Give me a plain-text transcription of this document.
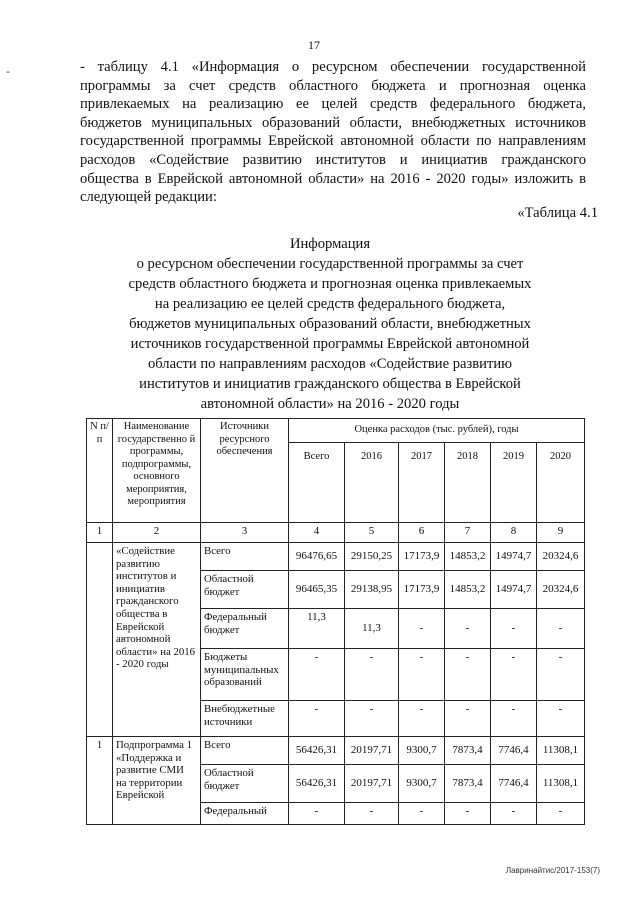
17
-	- таблицу 4.1 «Информация о ресурсном обеспечении государственной программы за счет средств областного бюджета и прогнозная оценка привлекаемых на реализацию ее целей средств федерального бюджета, бюджетов муниципальных образований области, внебюджетных источников государственной программы Еврейской автономной области по направлениям расходов «Содействие развитию институтов и инициатив гражданского общества в Еврейской автономной области» на 2016 - 2020 годы» изложить в следующей редакции:

«Таблица 4.1
Информация
о ресурсном обеспечении государственной программы за счет
средств областного бюджета и прогнозная оценка привлекаемых
на реализацию ее целей средств федерального бюджета,
бюджетов муниципальных образований области, внебюджетных
источников государственной программы Еврейской автономной
области по направлениям расходов «Содействие развитию
институтов и инициатив гражданского общества в Еврейской
автономной области» на 2016 - 2020 годы
N п/п	Наименование государственно й программы, подпрограммы, основного мероприятия, мероприятия	Источники ресурсного обеспечения	Оценка расходов (тыс. рублей), годы					
			Всего	2016	2017	2018	2019	2020
1	2	3	4	5	6	7	8	9
	«Содействие развитию институтов и инициатив гражданского общества в Еврейской автономной области» на 2016 - 2020 годы	Всего	96476,65	29150,25	17173,9	14853,2	14974,7	20324,6
		Областной бюджет	96465,35	29138,95	17173,9	14853,2	14974,7	20324,6
		Федеральный бюджет	11,3	11,3	-	-	-	-
		Бюджеты муниципальных образований	-	-	-	-	-	-
		Внебюджетные источники	-	-	-	-	-	-
1	Подпрограмма 1 «Поддержка и развитие СМИ на территории Еврейской	Всего	56426,31	20197,71	9300,7	7873,4	7746,4	11308,1
		Областной бюджет	56426,31	20197,71	9300,7	7873,4	7746,4	11308,1
		Федеральный	-	-	-	-	-	-
Лавринайтис/2017-153(7)
